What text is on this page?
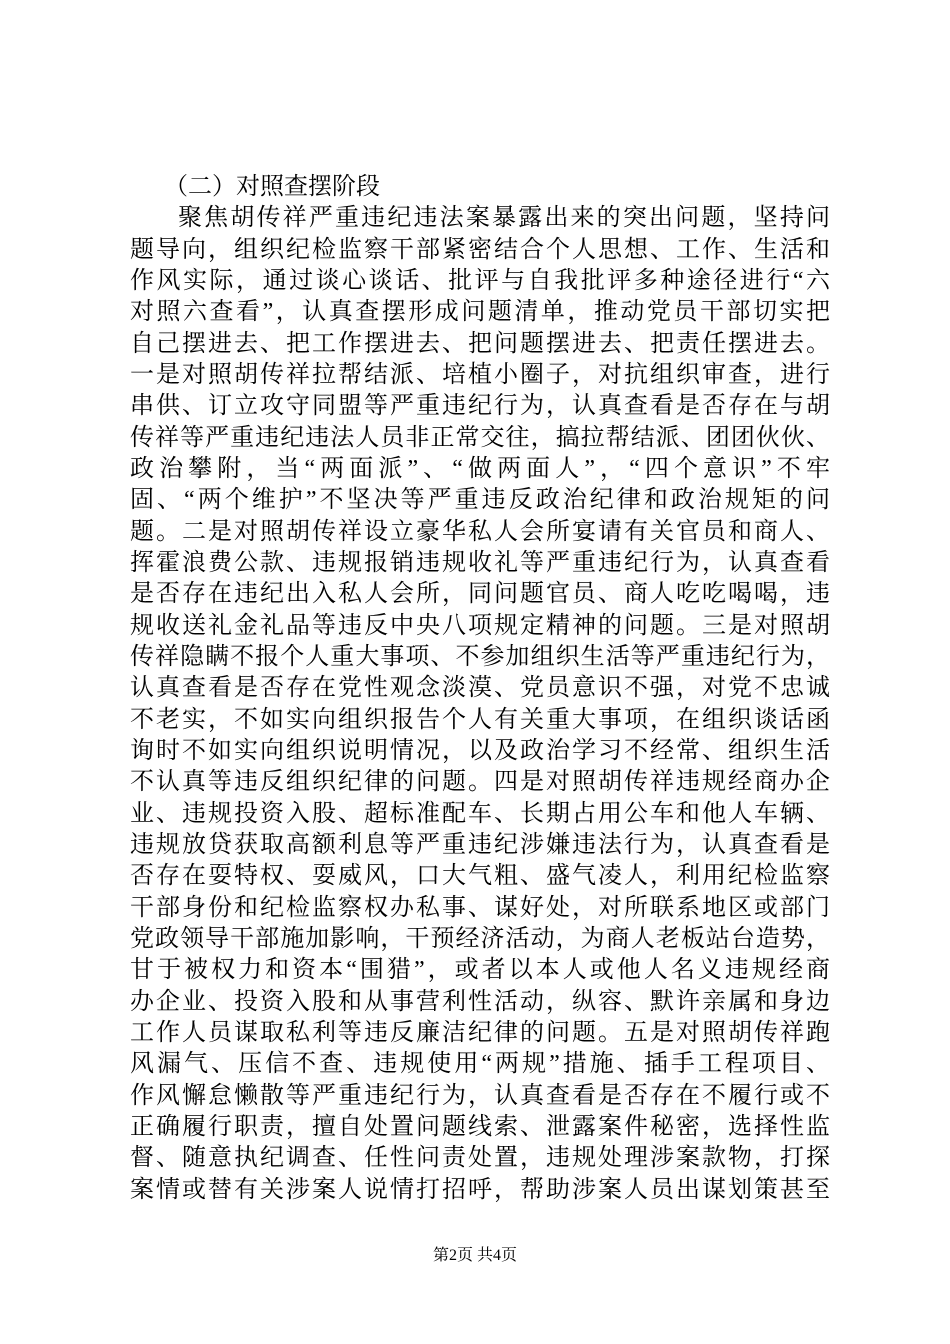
（二）对照查摆阶段
聚焦胡传祥严重违纪违法案暴露出来的突出问题，坚持问
题导向，组织纪检监察干部紧密结合个人思想、工作、生活和
作风实际，通过谈心谈话、批评与自我批评多种途径进行“六
对照六查看”，认真查摆形成问题清单，推动党员干部切实把
自己摆进去、把工作摆进去、把问题摆进去、把责任摆进去。
一是对照胡传祥拉帮结派、培植小圈子，对抗组织审查，进行
串供、订立攻守同盟等严重违纪行为，认真查看是否存在与胡
传祥等严重违纪违法人员非正常交往，搞拉帮结派、团团伙伙、
政治攀附，当“两面派”、“做两面人”，“四个意识”不牢
固、“两个维护”不坚决等严重违反政治纪律和政治规矩的问
题。二是对照胡传祥设立豪华私人会所宴请有关官员和商人、
挥霍浪费公款、违规报销违规收礼等严重违纪行为，认真查看
是否存在违纪出入私人会所，同问题官员、商人吃吃喝喝，违
规收送礼金礼品等违反中央八项规定精神的问题。三是对照胡
传祥隐瞒不报个人重大事项、不参加组织生活等严重违纪行为，
认真查看是否存在党性观念淡漠、党员意识不强，对党不忠诚
不老实，不如实向组织报告个人有关重大事项，在组织谈话函
询时不如实向组织说明情况，以及政治学习不经常、组织生活
不认真等违反组织纪律的问题。四是对照胡传祥违规经商办企
业、违规投资入股、超标准配车、长期占用公车和他人车辆、
违规放贷获取高额利息等严重违纪涉嫌违法行为，认真查看是
否存在耍特权、耍威风，口大气粗、盛气凌人，利用纪检监察
干部身份和纪检监察权办私事、谋好处，对所联系地区或部门
党政领导干部施加影响，干预经济活动，为商人老板站台造势，
甘于被权力和资本“围猎”，或者以本人或他人名义违规经商
办企业、投资入股和从事营利性活动，纵容、默许亲属和身边
工作人员谋取私利等违反廉洁纪律的问题。五是对照胡传祥跑
风漏气、压信不查、违规使用“两规”措施、插手工程项目、
作风懈怠懒散等严重违纪行为，认真查看是否存在不履行或不
正确履行职责，擅自处置问题线索、泄露案件秘密，选择性监
督、随意执纪调查、任性问责处置，违规处理涉案款物，打探
案情或替有关涉案人说情打招呼，帮助涉案人员出谋划策甚至
第2页 共4页
